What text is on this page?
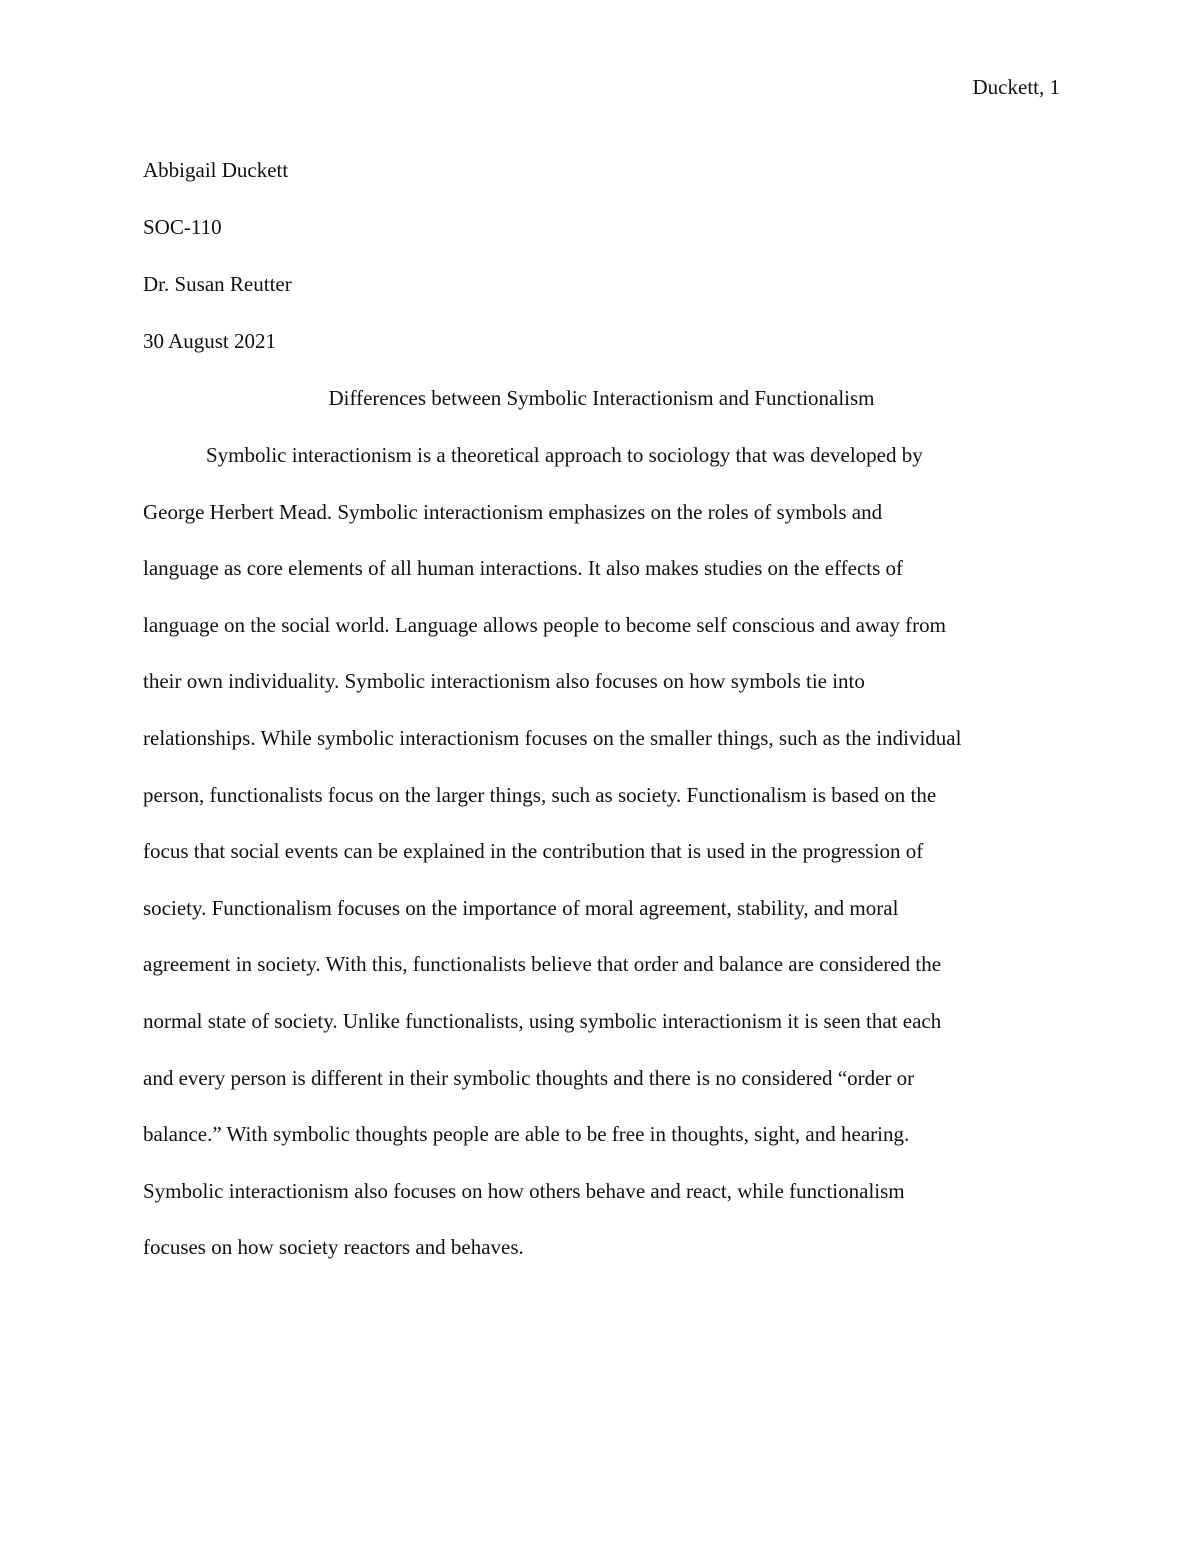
Duckett, 1
Abbigail Duckett
SOC-110
Dr. Susan Reutter
30 August 2021
Differences between Symbolic Interactionism and Functionalism
Symbolic interactionism is a theoretical approach to sociology that was developed by
George Herbert Mead. Symbolic interactionism emphasizes on the roles of symbols and
language as core elements of all human interactions. It also makes studies on the effects of
language on the social world. Language allows people to become self conscious and away from
their own individuality. Symbolic interactionism also focuses on how symbols tie into
relationships. While symbolic interactionism focuses on the smaller things, such as the individual
person, functionalists focus on the larger things, such as society. Functionalism is based on the
focus that social events can be explained in the contribution that is used in the progression of
society. Functionalism focuses on the importance of moral agreement, stability, and moral
agreement in society. With this, functionalists believe that order and balance are considered the
normal state of society. Unlike functionalists, using symbolic interactionism it is seen that each
and every person is different in their symbolic thoughts and there is no considered “order or
balance.” With symbolic thoughts people are able to be free in thoughts, sight, and hearing.
Symbolic interactionism also focuses on how others behave and react, while functionalism
focuses on how society reactors and behaves.
